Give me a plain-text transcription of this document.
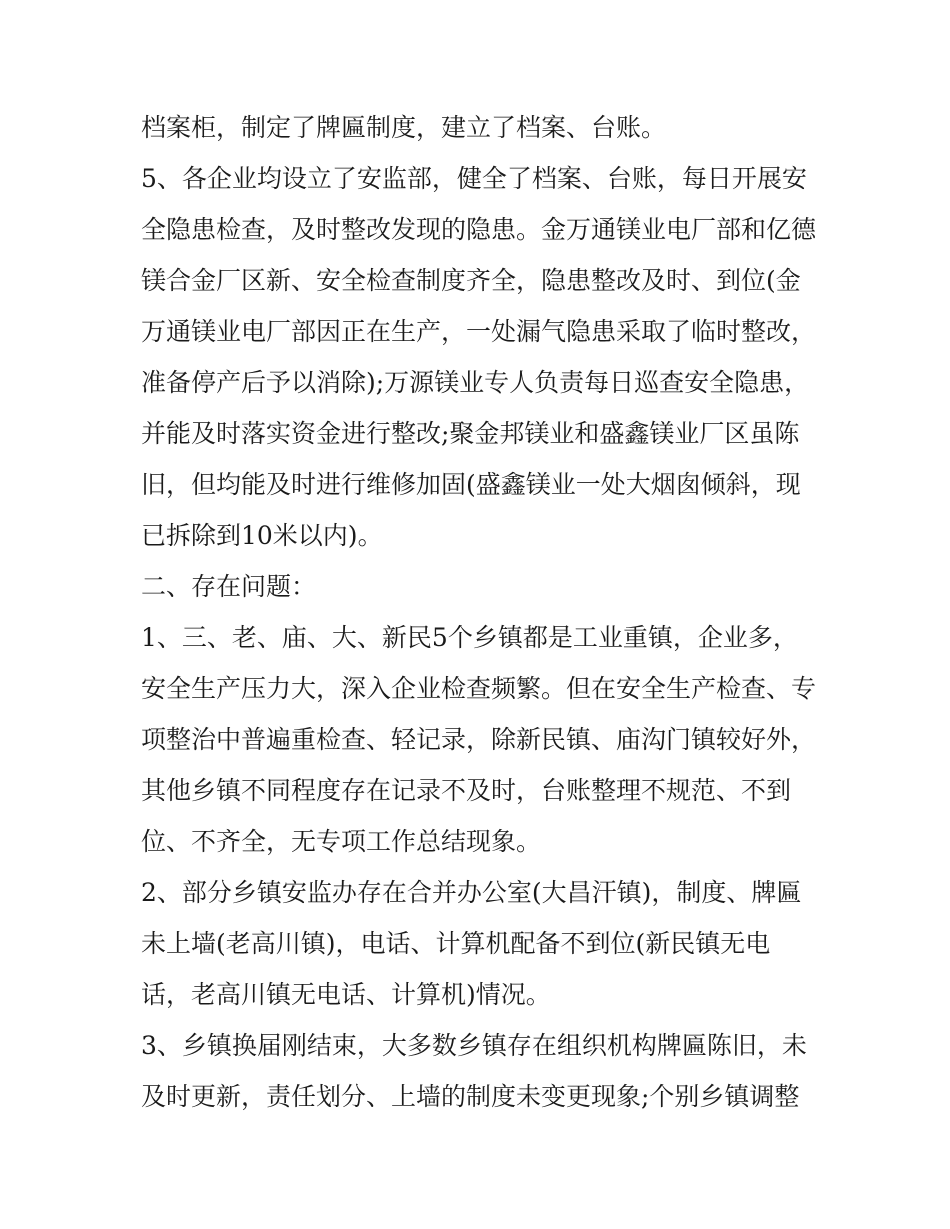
档案柜，制定了牌匾制度，建立了档案、台账。
5、各企业均设立了安监部，健全了档案、台账，每日开展安
全隐患检查，及时整改发现的隐患。金万通镁业电厂部和亿德
镁合金厂区新、安全检查制度齐全，隐患整改及时、到位(金
万通镁业电厂部因正在生产，一处漏气隐患采取了临时整改，
准备停产后予以消除);万源镁业专人负责每日巡查安全隐患，
并能及时落实资金进行整改;聚金邦镁业和盛鑫镁业厂区虽陈
旧，但均能及时进行维修加固(盛鑫镁业一处大烟囱倾斜，现
已拆除到10米以内)。
二、存在问题：
1、三、老、庙、大、新民5个乡镇都是工业重镇，企业多，
安全生产压力大，深入企业检查频繁。但在安全生产检查、专
项整治中普遍重检查、轻记录，除新民镇、庙沟门镇较好外，
其他乡镇不同程度存在记录不及时，台账整理不规范、不到
位、不齐全，无专项工作总结现象。
2、部分乡镇安监办存在合并办公室(大昌汗镇)，制度、牌匾
未上墙(老高川镇)，电话、计算机配备不到位(新民镇无电
话，老高川镇无电话、计算机)情况。
3、乡镇换届刚结束，大多数乡镇存在组织机构牌匾陈旧，未
及时更新，责任划分、上墙的制度未变更现象;个别乡镇调整
